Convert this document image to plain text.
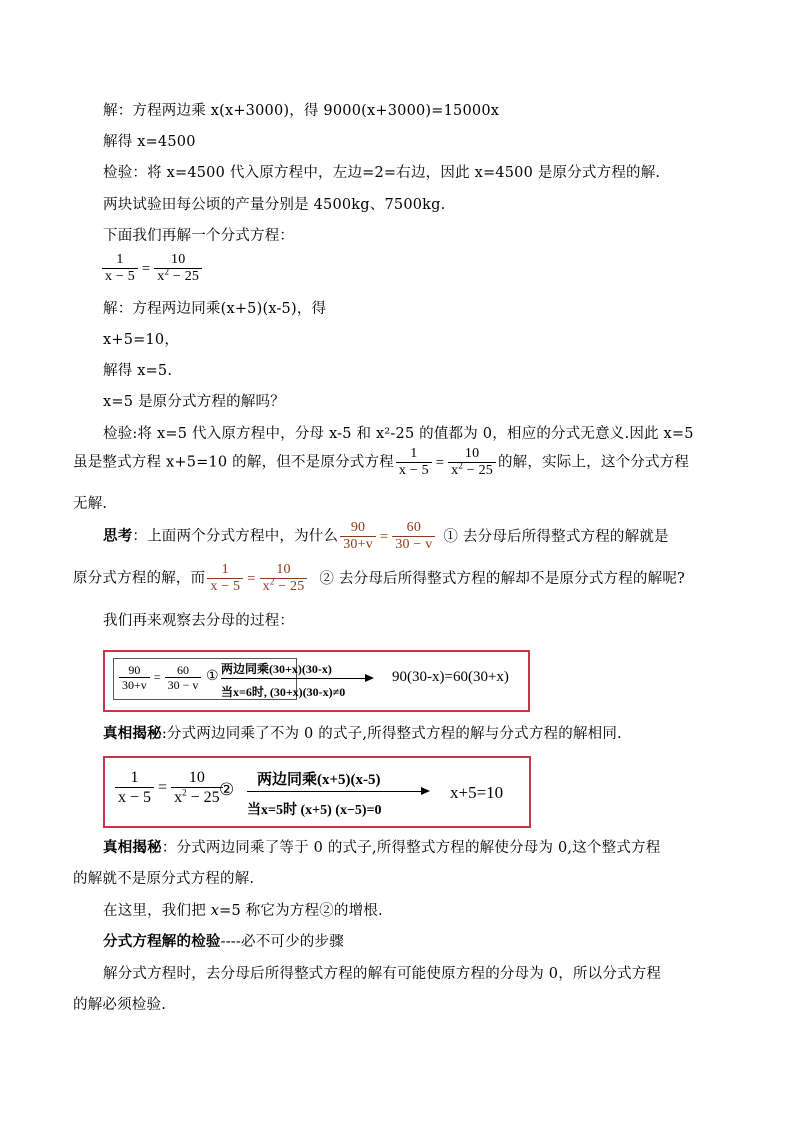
解：方程两边乘 x(x+3000)，得 9000(x+3000)=15000x
解得 x=4500
检验：将 x=4500 代入原方程中，左边=2=右边，因此 x=4500 是原分式方程的解.
两块试验田每公顷的产量分别是 4500kg、7500kg.
下面我们再解一个分式方程：
$\frac{1}{x - 5} = \frac{10}{x^2 - 25}$
解：方程两边同乘(x+5)(x-5)，得
x+5=10，
解得 x=5.
x=5 是原分式方程的解吗？
检验:将 x=5 代入原方程中，分母 x-5 和 x²-25 的值都为 0，相应的分式无意义.因此 x=5
虽是整式方程 x+5=10 的解，但不是原分式方程 $\frac{1}{x - 5} = \frac{10}{x^2 - 25}$ 的解，实际上，这个分式方程
无解.
思考：上面两个分式方程中，为什么 $\frac{90}{30+v} = \frac{60}{30 - v}$ ① 去分母后所得整式方程的解就是
原分式方程的解，而 $\frac{1}{x - 5} = \frac{10}{x^2 - 25}$ ② 去分母后所得整式方程的解却不是原分式方程的解呢?
我们再来观察去分母的过程：
$\frac{90}{30+v} = \frac{60}{30 - v}$ ① 两边同乘(30+x)(30-x)
当x=6时, (30+x)(30-x)≠0
90(30-x)=60(30+x)
真相揭秘:分式两边同乘了不为 0 的式子,所得整式方程的解与分式方程的解相同.
$\frac{1}{x - 5} = \frac{10}{x^2 - 25}$
② 两边同乘(x+5)(x-5)
当x=5时 (x+5) (x−5)=0
x+5=10
真相揭秘：分式两边同乘了等于 0 的式子,所得整式方程的解使分母为 0,这个整式方程
的解就不是原分式方程的解.
在这里，我们把 x=5 称它为方程②的增根.
分式方程解的检验----必不可少的步骤
解分式方程时，去分母后所得整式方程的解有可能使原方程的分母为 0，所以分式方程
的解必须检验.
